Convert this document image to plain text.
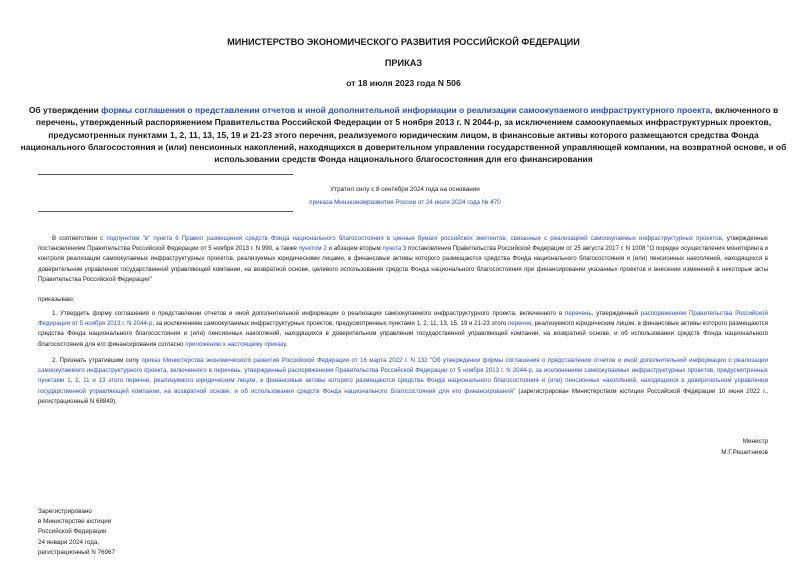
МИНИСТЕРСТВО ЭКОНОМИЧЕСКОГО РАЗВИТИЯ РОССИЙСКОЙ ФЕДЕРАЦИИ
ПРИКАЗ
от 18 июля 2023 года N 506
Об утверждении формы соглашения о представлении отчетов и иной дополнительной информации о реализации самоокупаемого инфраструктурного проекта, включенного в перечень, утвержденный распоряжением Правительства Российской Федерации от 5 ноября 2013 г. N 2044-р, за исключением самоокупаемых инфраструктурных проектов, предусмотренных пунктами 1, 2, 11, 13, 15, 19 и 21-23 этого перечня, реализуемого юридическим лицом, в финансовые активы которого размещаются средства Фонда национального благосостояния и (или) пенсионных накоплений, находящихся в доверительном управлении государственной управляющей компании, на возвратной основе, и об использовании средств Фонда национального благосостояния для его финансирования
Утратил силу с 8 сентября 2024 года на основании
приказа Минэкономразвития России от 24 июля 2024 года № 470
В соответствии с подпунктом "в" пункта 6 Правил размещения средств Фонда национального благосостояния в ценные бумаги российских эмитентов, связанные с реализацией самоокупаемых инфраструктурных проектов, утвержденных постановлением Правительства Российской Федерации от 5 ноября 2013 г. N 990, а также пунктом 2 и абзацем вторым пункта 3 постановления Правительства Российской Федерации от 25 августа 2017 г. N 1008 "О порядке осуществления мониторинга и контроля реализации самоокупаемых инфраструктурных проектов, реализуемых юридическими лицами, в финансовые активы которого размещаются средства Фонда национального благосостояния и (или) пенсионных накоплений, находящихся в доверительном управлении государственной управляющей компании, на возвратной основе, целевого использования средств Фонда национального благосостояния при финансировании указанных проектов и внесении изменений в некоторые акты Правительства Российской Федерации"
приказываю:
1. Утвердить форму соглашения о представлении отчетов и иной дополнительной информации о реализации самоокупаемого инфраструктурного проекта, включенного в перечень, утвержденный распоряжением Правительства Российской Федерации от 5 ноября 2013 г. N 2044-р, за исключением самоокупаемых инфраструктурных проектов, предусмотренных пунктами 1, 2, 11, 13, 15, 19 и 21-23 этого перечня, реализуемого юридическим лицом, в финансовые активы которого размещаются средства Фонда национального благосостояния и (или) пенсионных накоплений, находящихся в доверительном управлении государственной управляющей компании, на возвратной основе, и об использовании средств Фонда национального благосостояния для его финансирования согласно приложению к настоящему приказу.
2. Признать утратившим силу приказ Министерства экономического развития Российской Федерации от 16 марта 2022 г. N 132 "Об утверждении формы соглашения о представлении отчетов и иной дополнительной информации о реализации самоокупаемого инфраструктурного проекта, включенного в перечень, утвержденный распоряжением Правительства Российской Федерации от 5 ноября 2013 г. N 2044-р, за исключением самоокупаемых инфраструктурных проектов, предусмотренных пунктами 1, 2, 11 и 13 этого перечня, реализуемого юридическим лицом, в финансовые активы которого размещаются средства Фонда национального благосостояния и (или) пенсионных накоплений, находящихся в доверительном управлении государственной управляющей компании, на возвратной основе, и об использовании средств Фонда национального благосостояния для его финансирования" (зарегистрирован Министерством юстиции Российской Федерации 10 июня 2022 г., регистрационный N 68849).
Министр
М.Г.Решетников
Зарегистрировано
в Министерстве юстиции
Российской Федерации
24 января 2024 года,
регистрационный N 76967
